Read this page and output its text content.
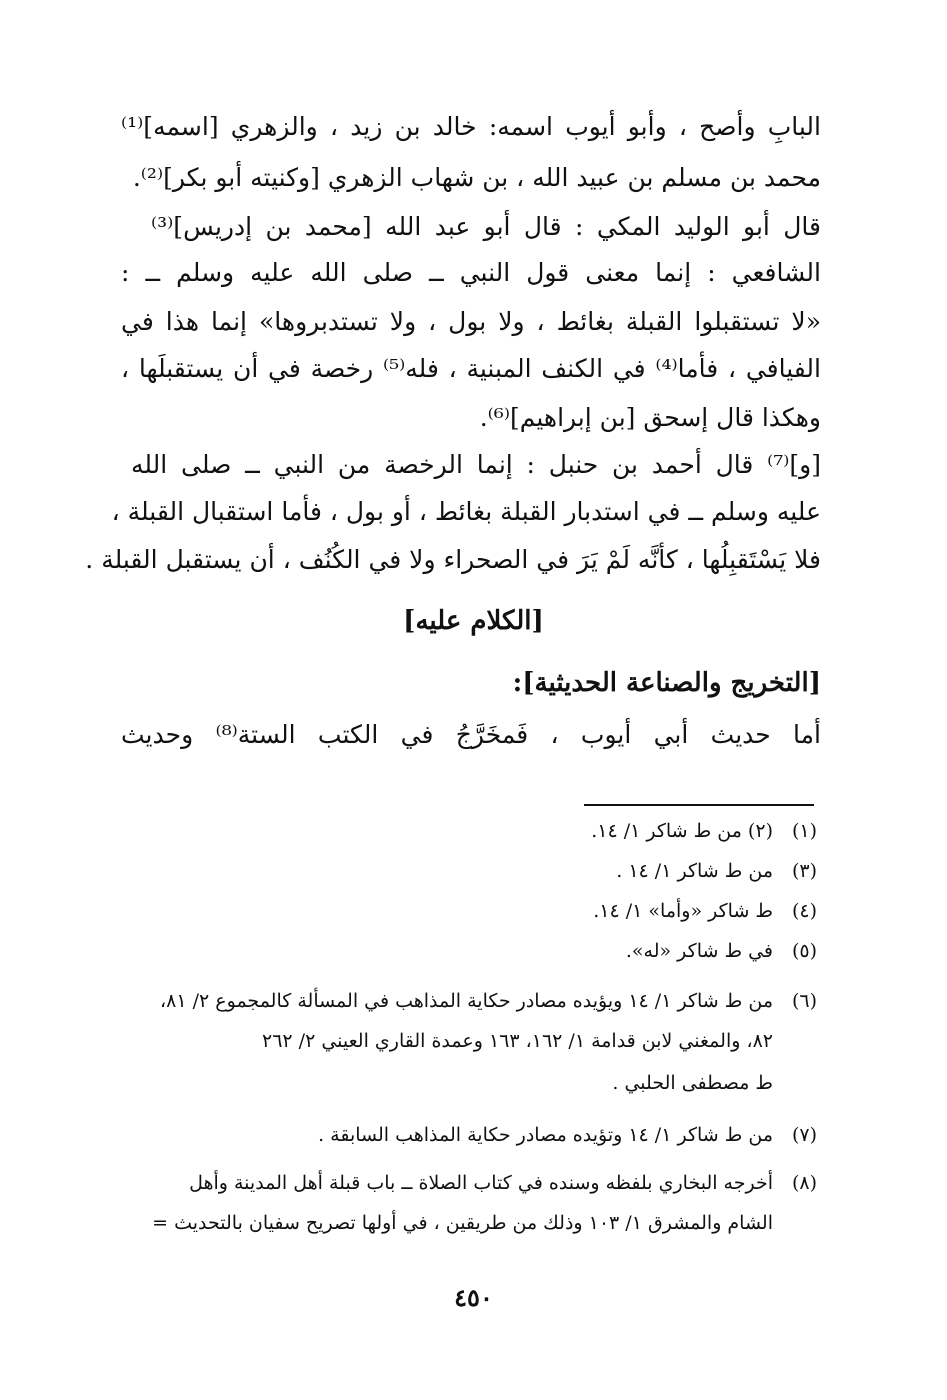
البابِ وأصح ، وأبو أيوب اسمه: خالد بن زيد ، والزهري [اسمه]⁽¹⁾
محمد بن مسلم بن عبيد الله ، بن شهاب الزهري [وكنيته أبو بكر]⁽²⁾.
قال أبو الوليد المكي : قال أبو عبد الله [محمد بن إدريس]⁽³⁾
الشافعي : إنما معنى قول النبي ــ صلى الله عليه وسلم ــ :
«لا تستقبلوا القبلة بغائط ، ولا بول ، ولا تستدبروها» إنما هذا في
الفيافي ، فأما⁽⁴⁾ في الكنف المبنية ، فله⁽⁵⁾ رخصة في أن يستقبلَها ،
وهكذا قال إسحق [بن إبراهيم]⁽⁶⁾.
[و]⁽⁷⁾ قال أحمد بن حنبل : إنما الرخصة من النبي ــ صلى الله
عليه وسلم ــ في استدبار القبلة بغائط ، أو بول ، فأما استقبال القبلة ،
فلا يَسْتَقبِلُها ، كأنَّه لَمْ يَرَ في الصحراء ولا في الكُنُف ، أن يستقبل القبلة .
[الكلام عليه]
[التخريج والصناعة الحديثية]:
أما حديث أبي أيوب ، فَمخَرَّجُ في الكتب الستة⁽⁸⁾ وحديث
(١)(٢) من ط شاكر ١/ ١٤.
(٣)من ط شاكر ١/ ١٤ .
(٤)ط شاكر «وأما» ١/ ١٤.
(٥)في ط شاكر «له».
(٦)من ط شاكر ١/ ١٤ ويؤيده مصادر حكاية المذاهب في المسألة كالمجموع ٢/ ٨١،
٨٢، والمغني لابن قدامة ١/ ١٦٢، ١٦٣ وعمدة القاري العيني ٢/ ٢٦٢
ط مصطفى الحلبي .
(٧)من ط شاكر ١/ ١٤ وتؤيده مصادر حكاية المذاهب السابقة .
(٨)أخرجه البخاري بلفظه وسنده في كتاب الصلاة ــ باب قبلة أهل المدينة وأهل
الشام والمشرق ١/ ١٠٣ وذلك من طريقين ، في أولها تصريح سفيان بالتحديث =
٤٥٠
